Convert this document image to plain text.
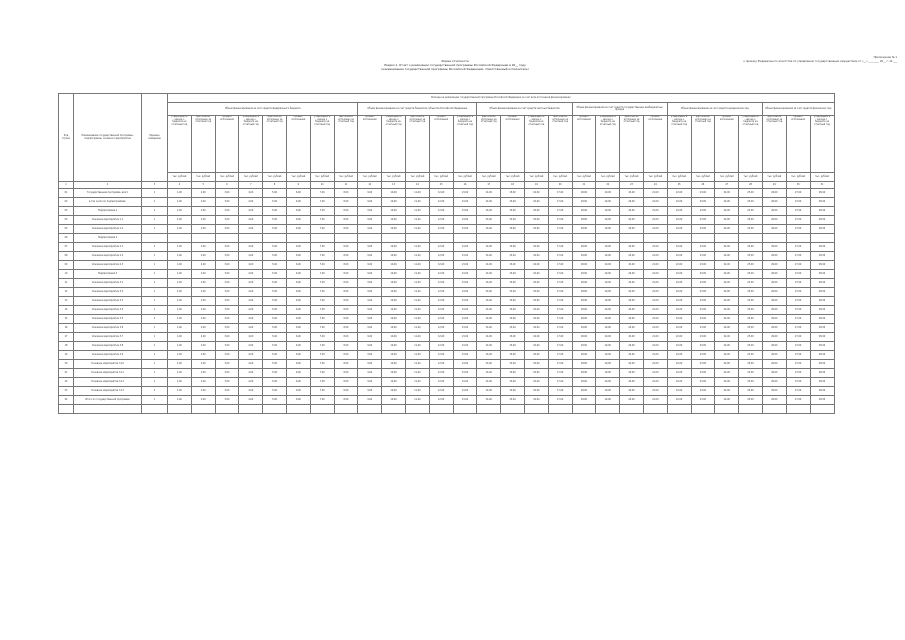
Приложение № 1
к приказу Федерального агентства по управлению государственным имуществом от «__» ________ 20__ г. № ___
Форма отчетности
Раздел 1. Отчет о реализации государственной программы Российской Федерации в 20__ году
(наименование государственной программы Российской Федерации, ответственный исполнитель)
Код строки	Наименование государственной программы, подпрограммы, основного мероприятия	Единица измерения	Расходы на реализацию государственной программы Российской Федерации за счет всех источников финансирования																											
			Объем финансирования за счет средств федерального бюджета								Объем финансирования за счет средств бюджетов субъектов Российской Федерации					Объем финансирования за счет средств местных бюджетов				Объем финансирования за счет средств государственных внебюджетных фондов				Объем финансирования за счет средств юридических лиц				Объем финансирования за счет средств физических лиц		
			утверждено в законе о бюджете на отчетный год	фактически исполнено за отчетный год	процент исполнения	утверждено в законе о бюджете на отчетный год	фактически исполнено за отчетный год	процент исполнения	утверждено в законе о бюджете на отчетный год	фактически исполнено за отчетный год	процент исполнения	утверждено в законе о бюджете на отчетный год	фактически исполнено за отчетный год	процент исполнения	утверждено в законе о бюджете на отчетный год	фактически исполнено за отчетный год	процент исполнения	утверждено в законе о бюджете на отчетный год	фактически исполнено за отчетный год	процент исполнения	утверждено в законе о бюджете на отчетный год	фактически исполнено за отчетный год	процент исполнения	утверждено в законе о бюджете на отчетный год	фактически исполнено за отчетный год	процент исполнения	утверждено в законе о бюджете на отчетный год	фактически исполнено за отчетный год	процент исполнения	утверждено в законе о бюджете на отчетный год
			тыс. рублей	тыс. рублей	тыс. рублей	тыс. рублей	тыс. рублей	тыс. рублей	тыс. рублей	тыс. рублей	тыс. рублей	тыс. рублей	тыс. рублей	тыс. рублей	тыс. рублей	тыс. рублей	тыс. рублей	тыс. рублей	тыс. рублей	тыс. рублей	тыс. рублей	тыс. рублей	тыс. рублей	тыс. рублей	тыс. рублей	тыс. рублей	тыс. рублей	тыс. рублей	тыс. рублей	тыс. рублей
1	2	3	4	5	6	7	8	9	10	11	12	13	14	15	16	17	18	19	20	21	22	23	24	25	26	27	28	29	30	31
01	Государственная программа, всего	1	1,00	2,00	3,00	4,00	5,00	6,00	7,00	8,00	9,00	10,00	11,00	12,00	13,00	14,00	15,00	16,00	17,00	18,00	19,00	20,00	21,00	22,00	23,00	24,00	25,00	26,00	27,00	28,00
02	в том числе по подпрограммам:	1	1,00	2,00	3,00	4,00	5,00	6,00	7,00	8,00	9,00	10,00	11,00	12,00	13,00	14,00	15,00	16,00	17,00	18,00	19,00	20,00	21,00	22,00	23,00	24,00	25,00	26,00	27,00	28,00
03	Подпрограмма 1	1	1,00	2,00	3,00	4,00	5,00	6,00	7,00	8,00	9,00	10,00	11,00	12,00	13,00	14,00	15,00	16,00	17,00	18,00	19,00	20,00	21,00	22,00	23,00	24,00	25,00	26,00	27,00	28,00
04	Основное мероприятие 1.1	1	1,00	2,00	3,00	4,00	5,00	6,00	7,00	8,00	9,00	10,00	11,00	12,00	13,00	14,00	15,00	16,00	17,00	18,00	19,00	20,00	21,00	22,00	23,00	24,00	25,00	26,00	27,00	28,00
05	Основное мероприятие 1.2	1	1,00	2,00	3,00	4,00	5,00	6,00	7,00	8,00	9,00	10,00	11,00	12,00	13,00	14,00	15,00	16,00	17,00	18,00	19,00	20,00	21,00	22,00	23,00	24,00	25,00	26,00	27,00	28,00
06	Подпрограмма 2																													
07	Основное мероприятие 2.1	1	1,00	2,00	3,00	4,00	5,00	6,00	7,00	8,00	9,00	10,00	11,00	12,00	13,00	14,00	15,00	16,00	17,00	18,00	19,00	20,00	21,00	22,00	23,00	24,00	25,00	26,00	27,00	28,00
08	Основное мероприятие 2.2	1	1,00	2,00	3,00	4,00	5,00	6,00	7,00	8,00	9,00	10,00	11,00	12,00	13,00	14,00	15,00	16,00	17,00	18,00	19,00	20,00	21,00	22,00	23,00	24,00	25,00	26,00	27,00	28,00
09	Основное мероприятие 2.3	1	1,00	2,00	3,00	4,00	5,00	6,00	7,00	8,00	9,00	10,00	11,00	12,00	13,00	14,00	15,00	16,00	17,00	18,00	19,00	20,00	21,00	22,00	23,00	24,00	25,00	26,00	27,00	28,00
10	Подпрограмма 3	1	1,00	2,00	3,00	4,00	5,00	6,00	7,00	8,00	9,00	10,00	11,00	12,00	13,00	14,00	15,00	16,00	17,00	18,00	19,00	20,00	21,00	22,00	23,00	24,00	25,00	26,00	27,00	28,00
11	Основное мероприятие 3.1	1	1,00	2,00	3,00	4,00	5,00	6,00	7,00	8,00	9,00	10,00	11,00	12,00	13,00	14,00	15,00	16,00	17,00	18,00	19,00	20,00	21,00	22,00	23,00	24,00	25,00	26,00	27,00	28,00
12	Основное мероприятие 3.2	1	1,00	2,00	3,00	4,00	5,00	6,00	7,00	8,00	9,00	10,00	11,00	12,00	13,00	14,00	15,00	16,00	17,00	18,00	19,00	20,00	21,00	22,00	23,00	24,00	25,00	26,00	27,00	28,00
13	Основное мероприятие 3.3	1	1,00	2,00	3,00	4,00	5,00	6,00	7,00	8,00	9,00	10,00	11,00	12,00	13,00	14,00	15,00	16,00	17,00	18,00	19,00	20,00	21,00	22,00	23,00	24,00	25,00	26,00	27,00	28,00
14	Основное мероприятие 3.4	1	1,00	2,00	3,00	4,00	5,00	6,00	7,00	8,00	9,00	10,00	11,00	12,00	13,00	14,00	15,00	16,00	17,00	18,00	19,00	20,00	21,00	22,00	23,00	24,00	25,00	26,00	27,00	28,00
15	Основное мероприятие 3.5	1	1,00	2,00	3,00	4,00	5,00	6,00	7,00	8,00	9,00	10,00	11,00	12,00	13,00	14,00	15,00	16,00	17,00	18,00	19,00	20,00	21,00	22,00	23,00	24,00	25,00	26,00	27,00	28,00
16	Основное мероприятие 3.6	1	1,00	2,00	3,00	4,00	5,00	6,00	7,00	8,00	9,00	10,00	11,00	12,00	13,00	14,00	15,00	16,00	17,00	18,00	19,00	20,00	21,00	22,00	23,00	24,00	25,00	26,00	27,00	28,00
17	Основное мероприятие 3.7	1	1,00	2,00	3,00	4,00	5,00	6,00	7,00	8,00	9,00	10,00	11,00	12,00	13,00	14,00	15,00	16,00	17,00	18,00	19,00	20,00	21,00	22,00	23,00	24,00	25,00	26,00	27,00	28,00
18	Основное мероприятие 3.8	1	1,00	2,00	3,00	4,00	5,00	6,00	7,00	8,00	9,00	10,00	11,00	12,00	13,00	14,00	15,00	16,00	17,00	18,00	19,00	20,00	21,00	22,00	23,00	24,00	25,00	26,00	27,00	28,00
19	Основное мероприятие 3.9	1	1,00	2,00	3,00	4,00	5,00	6,00	7,00	8,00	9,00	10,00	11,00	12,00	13,00	14,00	15,00	16,00	17,00	18,00	19,00	20,00	21,00	22,00	23,00	24,00	25,00	26,00	27,00	28,00
20	Основное мероприятие 3.10	1	1,00	2,00	3,00	4,00	5,00	6,00	7,00	8,00	9,00	10,00	11,00	12,00	13,00	14,00	15,00	16,00	17,00	18,00	19,00	20,00	21,00	22,00	23,00	24,00	25,00	26,00	27,00	28,00
21	Основное мероприятие 3.11	1	1,00	2,00	3,00	4,00	5,00	6,00	7,00	8,00	9,00	10,00	11,00	12,00	13,00	14,00	15,00	16,00	17,00	18,00	19,00	20,00	21,00	22,00	23,00	24,00	25,00	26,00	27,00	28,00
22	Основное мероприятие 3.12	1	1,00	2,00	3,00	4,00	5,00	6,00	7,00	8,00	9,00	10,00	11,00	12,00	13,00	14,00	15,00	16,00	17,00	18,00	19,00	20,00	21,00	22,00	23,00	24,00	25,00	26,00	27,00	28,00
23	Основное мероприятие 3.13	1	1,00	2,00	3,00	4,00	5,00	6,00	7,00	8,00	9,00	10,00	11,00	12,00	13,00	14,00	15,00	16,00	17,00	18,00	19,00	20,00	21,00	22,00	23,00	24,00	25,00	26,00	27,00	28,00
24	Итого по государственной программе	1	1,00	2,00	3,00	4,00	5,00	6,00	7,00	8,00	9,00	10,00	11,00	12,00	13,00	14,00	15,00	16,00	17,00	18,00	19,00	20,00	21,00	22,00	23,00	24,00	25,00	26,00	27,00	28,00
